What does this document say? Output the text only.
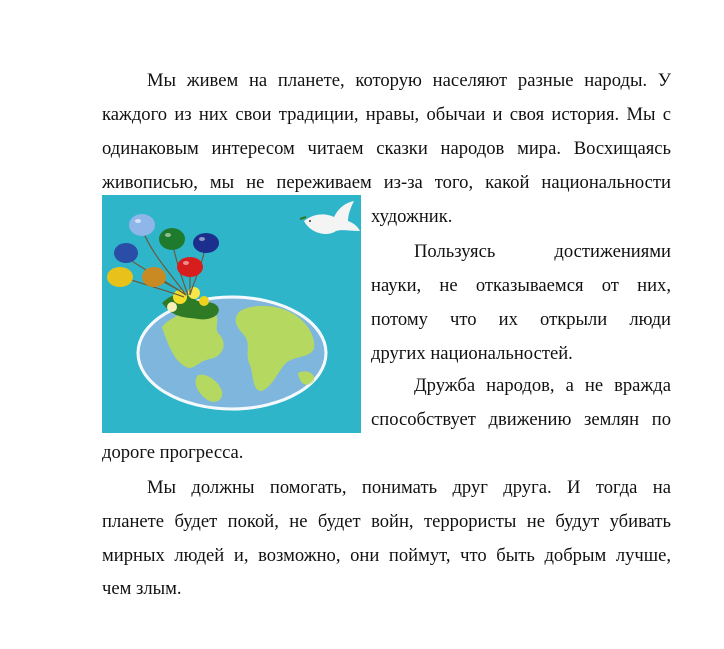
Мы живем на планете, которую населяют разные народы. У
каждого из них свои традиции, нравы, обычаи и своя история. Мы с
одинаковым интересом читаем сказки народов мира. Восхищаясь
живописью, мы не переживаем из-за того, какой национальности
художник.
Пользуясь достижениями
науки, не отказываемся от них,
потому что их открыли люди
других национальностей.
Дружба народов, а не вражда
способствует движению землян по
дороге прогресса.
Мы должны помогать, понимать друг друга. И тогда на
планете будет покой, не будет войн, террористы не будут убивать
мирных людей и, возможно, они поймут, что быть добрым лучше,
чем злым.
